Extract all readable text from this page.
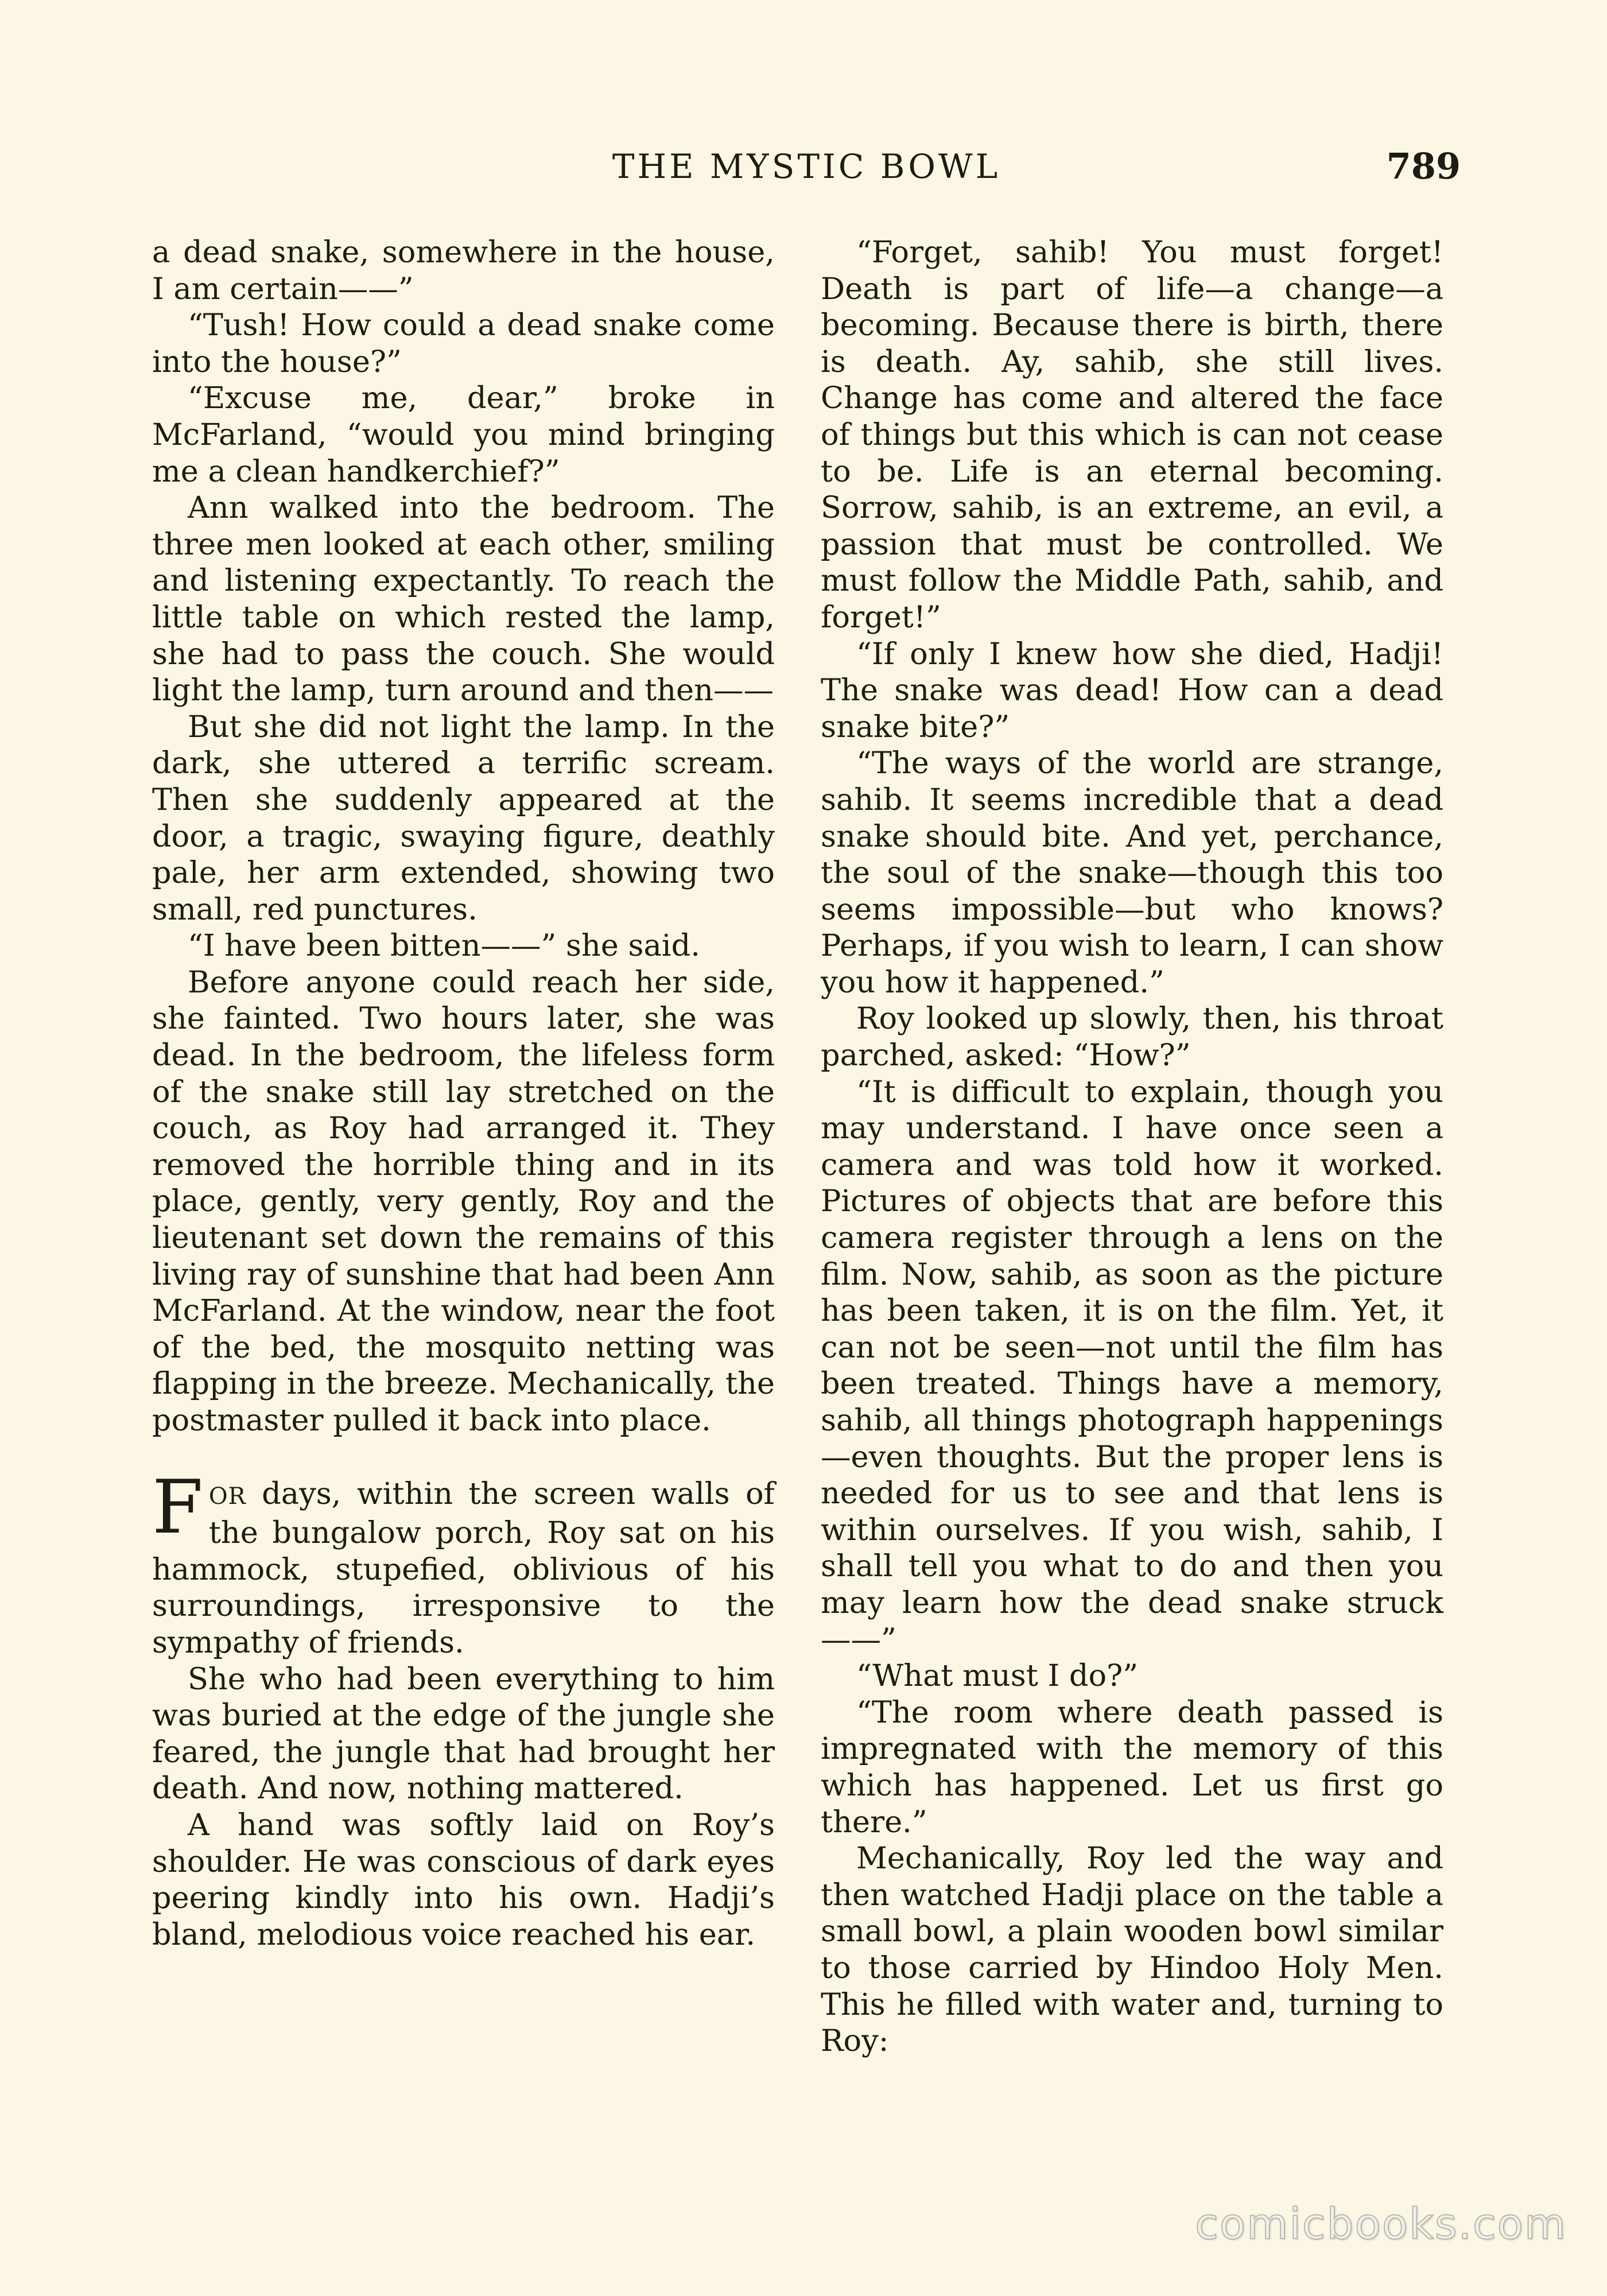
THE MYSTIC BOWL	789

a dead snake, somewhere in the house, I am certain——”

“Tush! How could a dead snake come into the house?”

“Excuse me, dear,” broke in McFarland, “would you mind bringing me a clean handkerchief?”

Ann walked into the bedroom. The three men looked at each other, smiling and listening expectantly. To reach the little table on which rested the lamp, she had to pass the couch. She would light the lamp, turn around and then——

But she did not light the lamp. In the dark, she uttered a terrific scream. Then she suddenly appeared at the door, a tragic, swaying figure, deathly pale, her arm extended, showing two small, red punctures.

“I have been bitten——” she said.

Before anyone could reach her side, she fainted. Two hours later, she was dead. In the bedroom, the lifeless form of the snake still lay stretched on the couch, as Roy had arranged it. They removed the horrible thing and in its place, gently, very gently, Roy and the lieutenant set down the remains of this living ray of sunshine that had been Ann McFarland. At the window, near the foot of the bed, the mosquito netting was flapping in the breeze. Mechanically, the postmaster pulled it back into place.

FOR days, within the screen walls of the bungalow porch, Roy sat on his hammock, stupefied, oblivious of his surroundings, irresponsive to the sympathy of friends.

She who had been everything to him was buried at the edge of the jungle she feared, the jungle that had brought her death. And now, nothing mattered.

A hand was softly laid on Roy’s shoulder. He was conscious of dark eyes peering kindly into his own. Hadji’s bland, melodious voice reached his ear.

“Forget, sahib! You must forget! Death is part of life—a change—a becoming. Because there is birth, there is death. Ay, sahib, she still lives. Change has come and altered the face of things but this which is can not cease to be. Life is an eternal becoming. Sorrow, sahib, is an extreme, an evil, a passion that must be controlled. We must follow the Middle Path, sahib, and forget!”

“If only I knew how she died, Hadji! The snake was dead! How can a dead snake bite?”

“The ways of the world are strange, sahib. It seems incredible that a dead snake should bite. And yet, perchance, the soul of the snake—though this too seems impossible—but who knows? Perhaps, if you wish to learn, I can show you how it happened.”

Roy looked up slowly, then, his throat parched, asked: “How?”

“It is difficult to explain, though you may understand. I have once seen a camera and was told how it worked. Pictures of objects that are before this camera register through a lens on the film. Now, sahib, as soon as the picture has been taken, it is on the film. Yet, it can not be seen—not until the film has been treated. Things have a memory, sahib, all things photograph happenings—even thoughts. But the proper lens is needed for us to see and that lens is within ourselves. If you wish, sahib, I shall tell you what to do and then you may learn how the dead snake struck——”

“What must I do?”

“The room where death passed is impregnated with the memory of this which has happened. Let us first go there.”

Mechanically, Roy led the way and then watched Hadji place on the table a small bowl, a plain wooden bowl similar to those carried by Hindoo Holy Men. This he filled with water and, turning to Roy:

comicbooks.com
